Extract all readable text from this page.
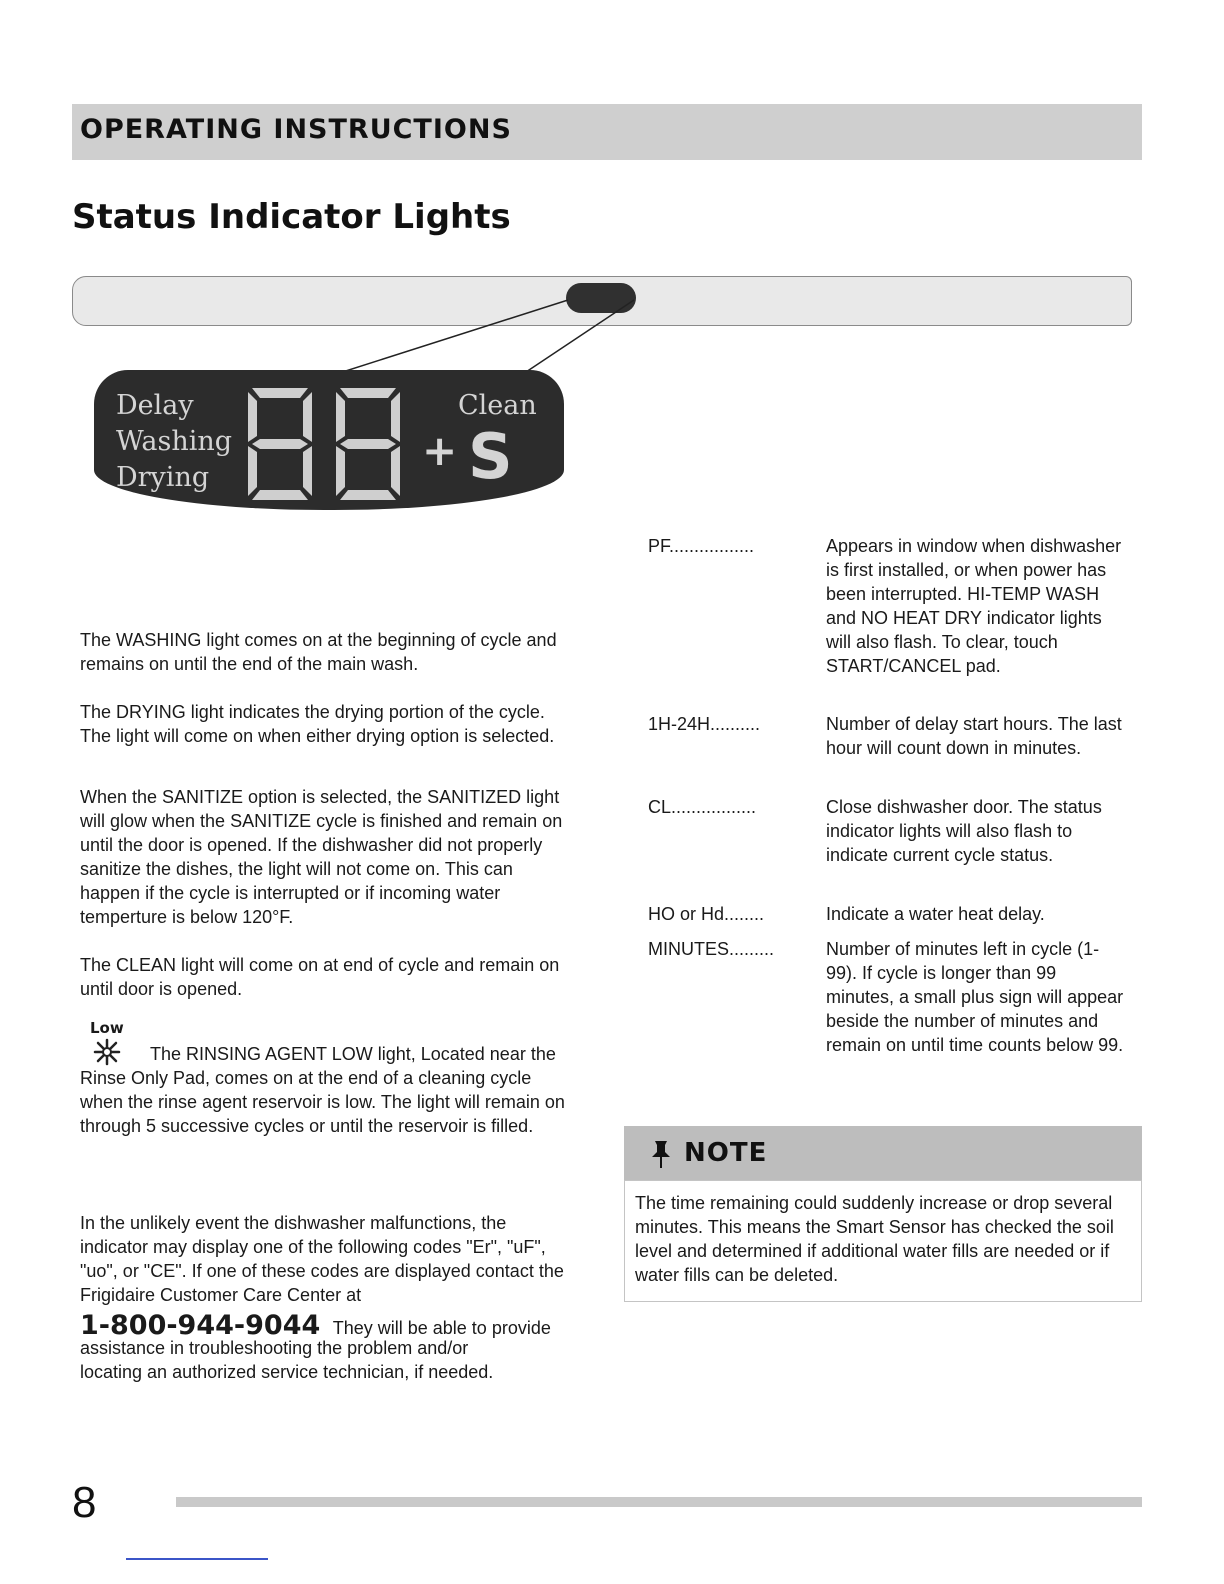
OPERATING INSTRUCTIONS
Status Indicator Lights
Delay
Washing
Drying
+
Clean
S
The WASHING light comes on at the beginning of cycle and remains on until the end of the main wash.
The DRYING light indicates the drying portion of the cycle. The light will come on when either drying option is selected.
When the SANITIZE option is selected, the SANITIZED light will glow when the SANITIZE cycle is finished and remain on until the door is opened. If the dishwasher did not properly sanitize the dishes, the light will not come on. This can happen if the cycle is interrupted or if incoming water temperture is below 120°F.
The CLEAN light will come on at end of cycle and remain on until door is opened.
Low
The RINSING AGENT LOW light, Located near the Rinse Only Pad, comes on at the end of a cleaning cycle when the rinse agent reservoir is low. The light will remain on through 5 successive cycles or until the reservoir is filled.
In the unlikely event the dishwasher malfunctions, the indicator may display one of the following codes "Er", "uF", "uo", or "CE". If one of these codes are displayed contact the Frigidaire Customer Care Center at
1-800-944-9044 They will be able to provide
assistance in troubleshooting the problem and/or
locating an authorized service technician, if needed.
PF.................	Appears in window when dishwasher is first installed, or when power has been interrupted. HI-TEMP WASH and NO HEAT DRY indicator lights will also flash. To clear, touch START/CANCEL pad.
1H-24H..........	Number of delay start hours. The last hour will count down in minutes.
CL.................	Close dishwasher door. The status indicator lights will also flash to indicate current cycle status.
HO or Hd........	Indicate a water heat delay.
MINUTES.........	Number of minutes left in cycle (1-99). If cycle is longer than 99 minutes, a small plus sign will appear beside the number of minutes and remain on until time counts below 99.
NOTE
The time remaining could suddenly increase or drop several minutes. This means the Smart Sensor has checked the soil level and determined if additional water fills are needed or if water fills can be deleted.
8
